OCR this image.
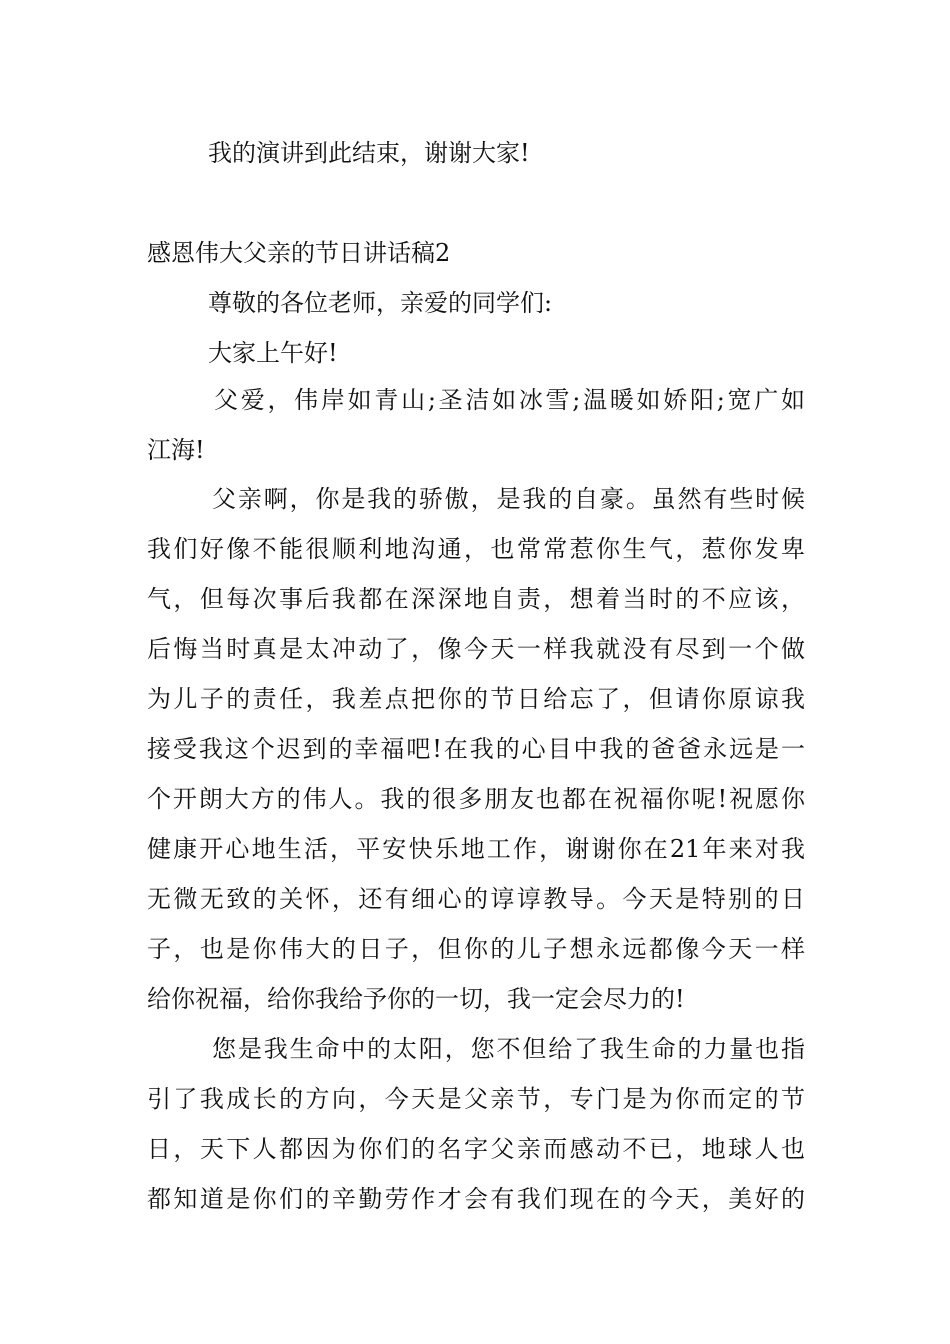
我的演讲到此结束，谢谢大家!
感恩伟大父亲的节日讲话稿2
尊敬的各位老师，亲爱的同学们:
大家上午好!
父爱，伟岸如青山;圣洁如冰雪;温暖如娇阳;宽广如
江海!
父亲啊，你是我的骄傲，是我的自豪。虽然有些时候
我们好像不能很顺利地沟通，也常常惹你生气，惹你发卑
气，但每次事后我都在深深地自责，想着当时的不应该，
后悔当时真是太冲动了，像今天一样我就没有尽到一个做
为儿子的责任，我差点把你的节日给忘了，但请你原谅我
接受我这个迟到的幸福吧!在我的心目中我的爸爸永远是一
个开朗大方的伟人。我的很多朋友也都在祝福你呢!祝愿你
健康开心地生活，平安快乐地工作，谢谢你在21年来对我
无微无致的关怀，还有细心的谆谆教导。今天是特别的日
子，也是你伟大的日子，但你的儿子想永远都像今天一样
给你祝福，给你我给予你的一切，我一定会尽力的!
您是我生命中的太阳，您不但给了我生命的力量也指
引了我成长的方向，今天是父亲节，专门是为你而定的节
日，天下人都因为你们的名字父亲而感动不已，地球人也
都知道是你们的辛勤劳作才会有我们现在的今天，美好的
